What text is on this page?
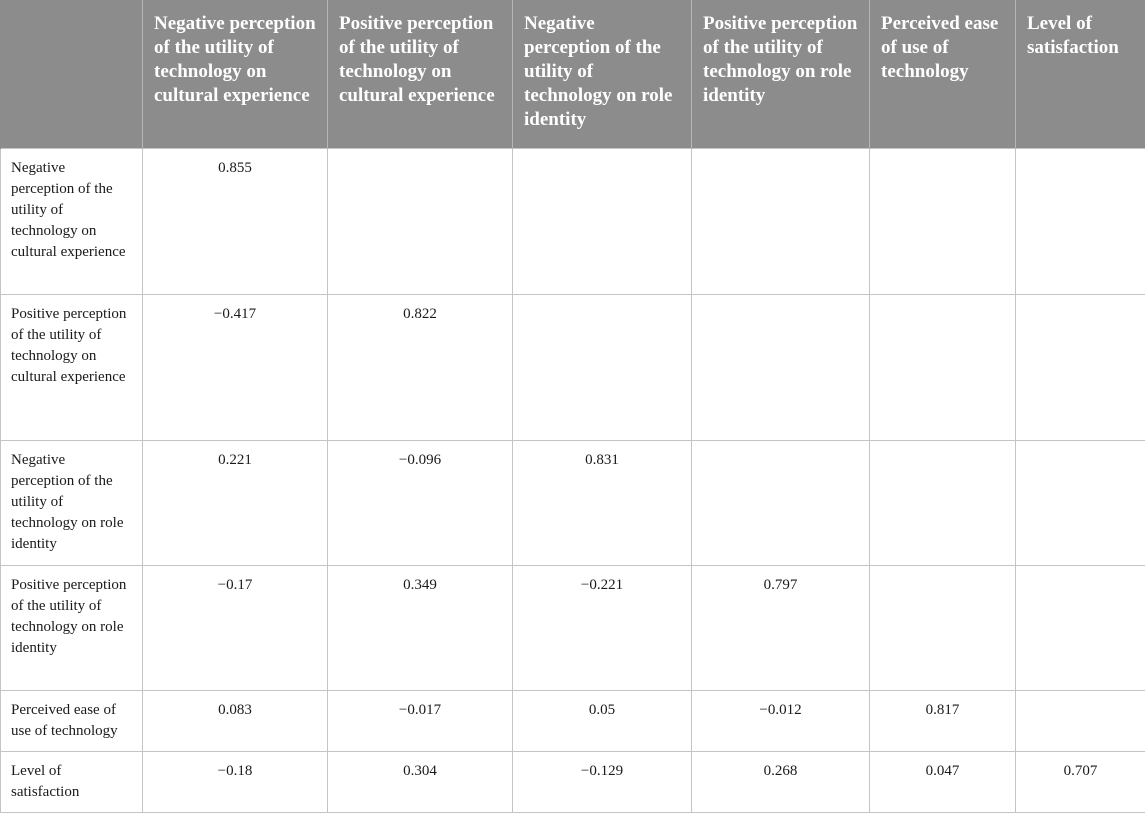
	Negative perception of the utility of technology on cultural experience	Positive perception of the utility of technology on cultural experience	Negative perception of the utility of technology on role identity	Positive perception of the utility of technology on role identity	Perceived ease of use of technology	Level of satisfaction
Negative perception of the utility of technology on cultural experience	0.855					
Positive perception of the utility of technology on cultural experience	−0.417	0.822				
Negative perception of the utility of technology on role identity	0.221	−0.096	0.831			
Positive perception of the utility of technology on role identity	−0.17	0.349	−0.221	0.797		
Perceived ease of use of technology	0.083	−0.017	0.05	−0.012	0.817	
Level of satisfaction	−0.18	0.304	−0.129	0.268	0.047	0.707
